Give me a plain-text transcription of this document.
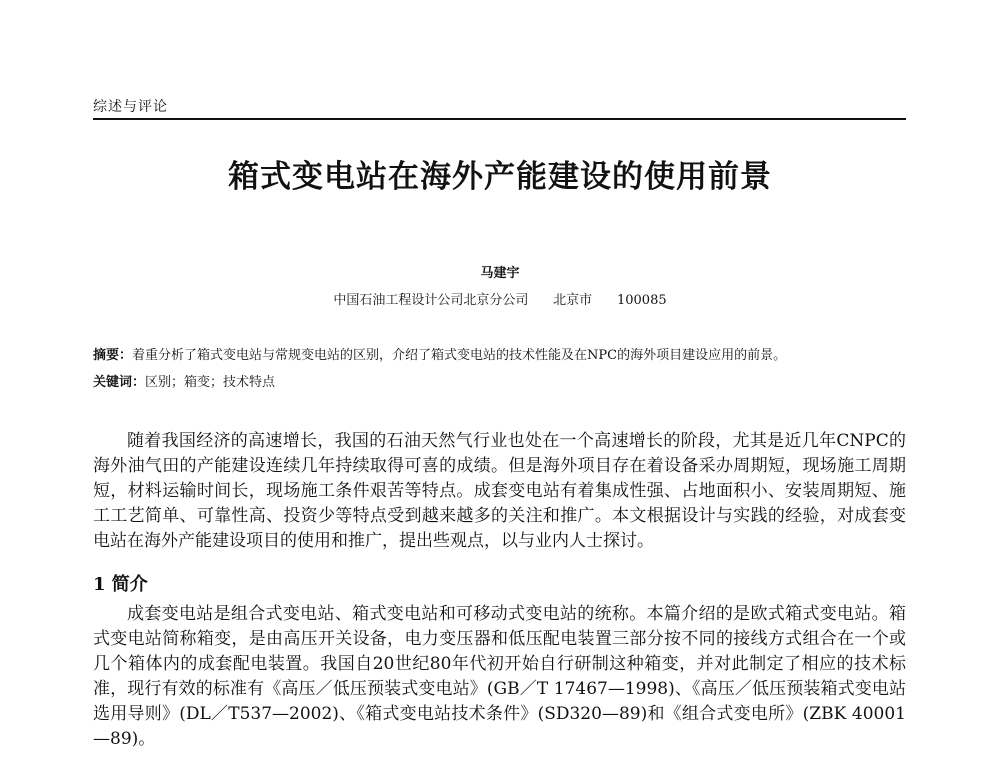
综述与评论
箱式变电站在海外产能建设的使用前景
马建宇
中国石油工程设计公司北京分公司      北京市      100085
摘要：着重分析了箱式变电站与常规变电站的区别，介绍了箱式变电站的技术性能及在NPC的海外项目建设应用的前景。
关键词：区别；箱变；技术特点

随着我国经济的高速增长，我国的石油天然气行业也处在一个高速增长的阶段，尤其是近几年CNPC的海外油气田的产能建设连续几年持续取得可喜的成绩。但是海外项目存在着设备采办周期短，现场施工周期短，材料运输时间长，现场施工条件艰苦等特点。成套变电站有着集成性强、占地面积小、安装周期短、施工工艺简单、可靠性高、投资少等特点受到越来越多的关注和推广。本文根据设计与实践的经验，对成套变电站在海外产能建设项目的使用和推广，提出些观点，以与业内人士探讨。

1 简介

成套变电站是组合式变电站、箱式变电站和可移动式变电站的统称。本篇介绍的是欧式箱式变电站。箱式变电站简称箱变，是由高压开关设备，电力变压器和低压配电装置三部分按不同的接线方式组合在一个或几个箱体内的成套配电装置。我国自20世纪80年代初开始自行研制这种箱变，并对此制定了相应的技术标准，现行有效的标准有《高压／低压预装式变电站》(GB／T 17467—1998)、《高压／低压预装箱式变电站选用导则》(DL／T537—2002)、《箱式变电站技术条件》(SD320—89)和《组合式变电所》(ZBK 40001—89)。
